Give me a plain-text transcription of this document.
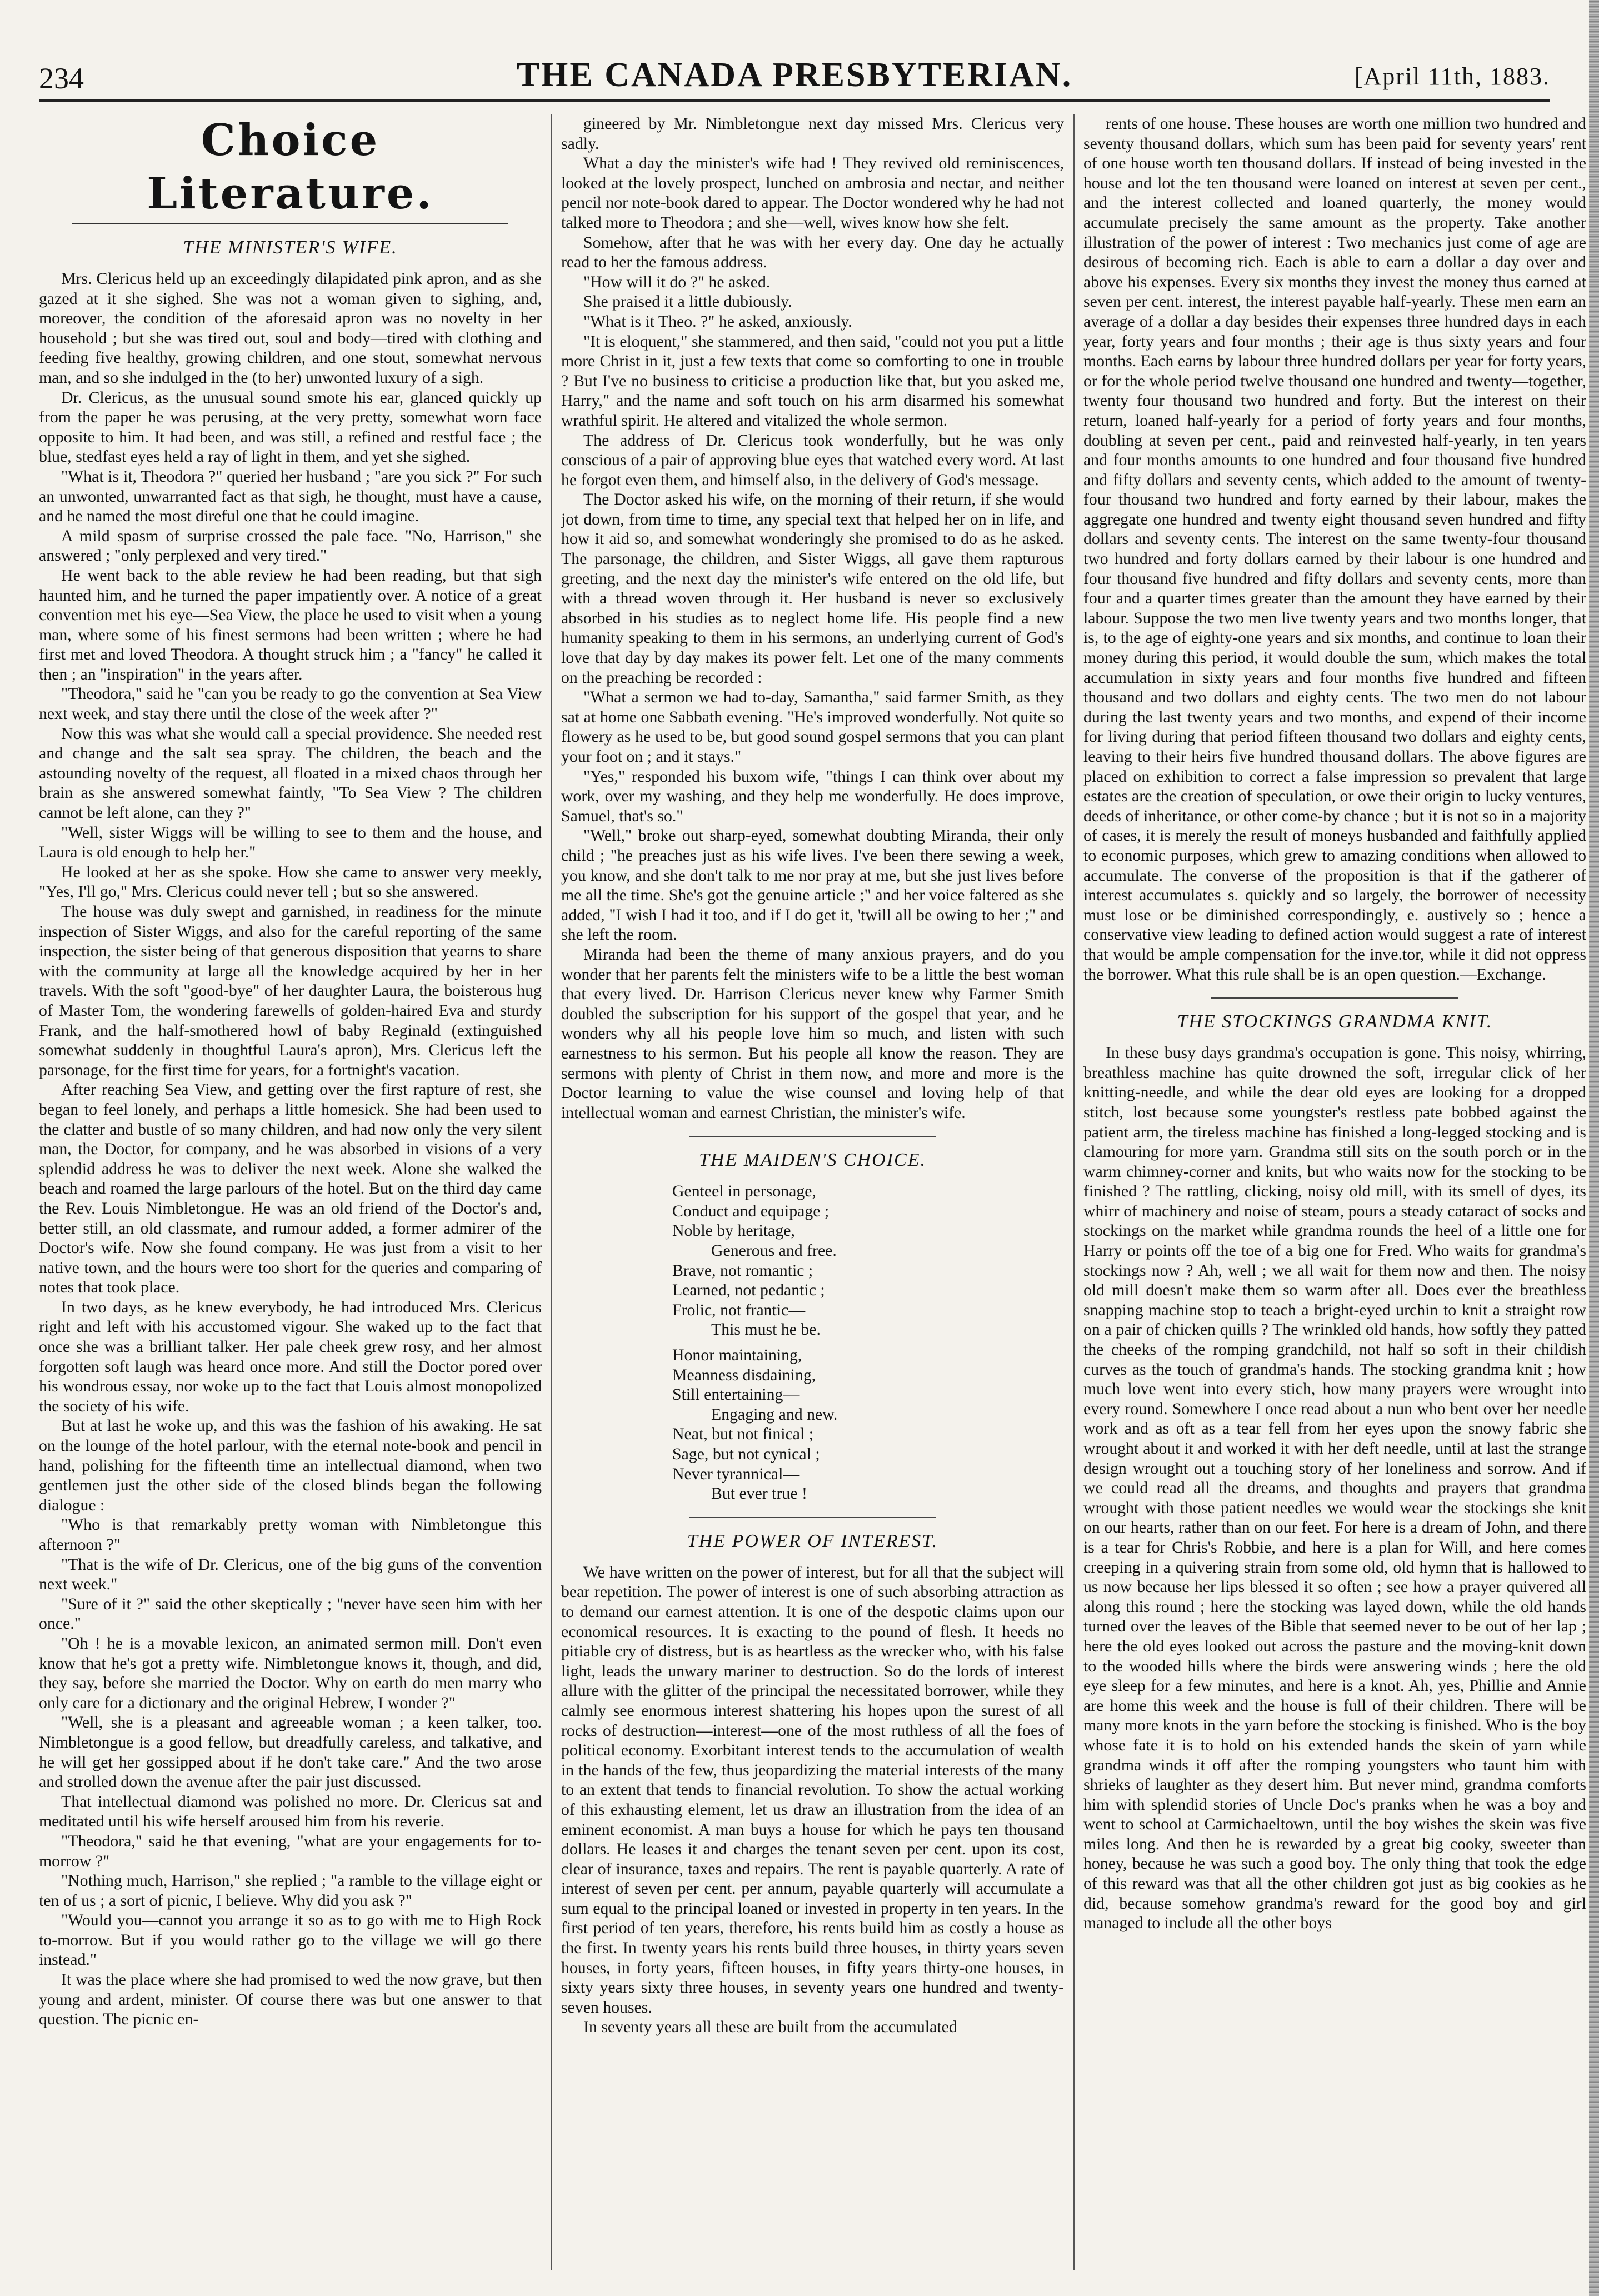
234	THE CANADA PRESBYTERIAN.	[April 11th, 1883.
Choice Literature.
THE MINISTER'S WIFE.

Mrs. Clericus held up an exceedingly dilapidated pink apron, and as she gazed at it she sighed. She was not a woman given to sighing, and, moreover, the condition of the aforesaid apron was no novelty in her household ; but she was tired out, soul and body—tired with clothing and feeding five healthy, growing children, and one stout, somewhat nervous man, and so she indulged in the (to her) unwonted luxury of a sigh.

Dr. Clericus, as the unusual sound smote his ear, glanced quickly up from the paper he was perusing, at the very pretty, somewhat worn face opposite to him. It had been, and was still, a refined and restful face ; the blue, stedfast eyes held a ray of light in them, and yet she sighed.

"What is it, Theodora ?" queried her husband ; "are you sick ?" For such an unwonted, unwarranted fact as that sigh, he thought, must have a cause, and he named the most direful one that he could imagine.

A mild spasm of surprise crossed the pale face. "No, Harrison," she answered ; "only perplexed and very tired."

He went back to the able review he had been reading, but that sigh haunted him, and he turned the paper impatiently over. A notice of a great convention met his eye—Sea View, the place he used to visit when a young man, where some of his finest sermons had been written ; where he had first met and loved Theodora. A thought struck him ; a "fancy" he called it then ; an "inspiration" in the years after.

"Theodora," said he "can you be ready to go the convention at Sea View next week, and stay there until the close of the week after ?"

Now this was what she would call a special providence. She needed rest and change and the salt sea spray. The children, the beach and the astounding novelty of the request, all floated in a mixed chaos through her brain as she answered somewhat faintly, "To Sea View ? The children cannot be left alone, can they ?"

"Well, sister Wiggs will be willing to see to them and the house, and Laura is old enough to help her."

He looked at her as she spoke. How she came to answer very meekly, "Yes, I'll go," Mrs. Clericus could never tell ; but so she answered.

The house was duly swept and garnished, in readiness for the minute inspection of Sister Wiggs, and also for the careful reporting of the same inspection, the sister being of that generous disposition that yearns to share with the community at large all the knowledge acquired by her in her travels. With the soft "good-bye" of her daughter Laura, the boisterous hug of Master Tom, the wondering farewells of golden-haired Eva and sturdy Frank, and the half-smothered howl of baby Reginald (extinguished somewhat suddenly in thoughtful Laura's apron), Mrs. Clericus left the parsonage, for the first time for years, for a fortnight's vacation.

After reaching Sea View, and getting over the first rapture of rest, she began to feel lonely, and perhaps a little homesick. She had been used to the clatter and bustle of so many children, and had now only the very silent man, the Doctor, for company, and he was absorbed in visions of a very splendid address he was to deliver the next week. Alone she walked the beach and roamed the large parlours of the hotel. But on the third day came the Rev. Louis Nimbletongue. He was an old friend of the Doctor's and, better still, an old classmate, and rumour added, a former admirer of the Doctor's wife. Now she found company. He was just from a visit to her native town, and the hours were too short for the queries and comparing of notes that took place.

In two days, as he knew everybody, he had introduced Mrs. Clericus right and left with his accustomed vigour. She waked up to the fact that once she was a brilliant talker. Her pale cheek grew rosy, and her almost forgotten soft laugh was heard once more. And still the Doctor pored over his wondrous essay, nor woke up to the fact that Louis almost monopolized the society of his wife.

But at last he woke up, and this was the fashion of his awaking. He sat on the lounge of the hotel parlour, with the eternal note-book and pencil in hand, polishing for the fifteenth time an intellectual diamond, when two gentlemen just the other side of the closed blinds began the following dialogue :

"Who is that remarkably pretty woman with Nimbletongue this afternoon ?"

"That is the wife of Dr. Clericus, one of the big guns of the convention next week."

"Sure of it ?" said the other skeptically ; "never have seen him with her once."

"Oh ! he is a movable lexicon, an animated sermon mill. Don't even know that he's got a pretty wife. Nimbletongue knows it, though, and did, they say, before she married the Doctor. Why on earth do men marry who only care for a dictionary and the original Hebrew, I wonder ?"

"Well, she is a pleasant and agreeable woman ; a keen talker, too. Nimbletongue is a good fellow, but dreadfully careless, and talkative, and he will get her gossipped about if he don't take care." And the two arose and strolled down the avenue after the pair just discussed.

That intellectual diamond was polished no more. Dr. Clericus sat and meditated until his wife herself aroused him from his reverie.

"Theodora," said he that evening, "what are your engagements for to-morrow ?"

"Nothing much, Harrison," she replied ; "a ramble to the village eight or ten of us ; a sort of picnic, I believe. Why did you ask ?"

"Would you—cannot you arrange it so as to go with me to High Rock to-morrow. But if you would rather go to the village we will go there instead."

It was the place where she had promised to wed the now grave, but then young and ardent, minister. Of course there was but one answer to that question. The picnic en-

gineered by Mr. Nimbletongue next day missed Mrs. Clericus very sadly.

What a day the minister's wife had ! They revived old reminiscences, looked at the lovely prospect, lunched on ambrosia and nectar, and neither pencil nor note-book dared to appear. The Doctor wondered why he had not talked more to Theodora ; and she—well, wives know how she felt.

Somehow, after that he was with her every day. One day he actually read to her the famous address.

"How will it do ?" he asked.

She praised it a little dubiously.

"What is it Theo. ?" he asked, anxiously.

"It is eloquent," she stammered, and then said, "could not you put a little more Christ in it, just a few texts that come so comforting to one in trouble ? But I've no business to criticise a production like that, but you asked me, Harry," and the name and soft touch on his arm disarmed his somewhat wrathful spirit. He altered and vitalized the whole sermon.

The address of Dr. Clericus took wonderfully, but he was only conscious of a pair of approving blue eyes that watched every word. At last he forgot even them, and himself also, in the delivery of God's message.

The Doctor asked his wife, on the morning of their return, if she would jot down, from time to time, any special text that helped her on in life, and how it aid so, and somewhat wonderingly she promised to do as he asked. The parsonage, the children, and Sister Wiggs, all gave them rapturous greeting, and the next day the minister's wife entered on the old life, but with a thread woven through it. Her husband is never so exclusively absorbed in his studies as to neglect home life. His people find a new humanity speaking to them in his sermons, an underlying current of God's love that day by day makes its power felt. Let one of the many comments on the preaching be recorded :

"What a sermon we had to-day, Samantha," said farmer Smith, as they sat at home one Sabbath evening. "He's improved wonderfully. Not quite so flowery as he used to be, but good sound gospel sermons that you can plant your foot on ; and it stays."

"Yes," responded his buxom wife, "things I can think over about my work, over my washing, and they help me wonderfully. He does improve, Samuel, that's so."

"Well," broke out sharp-eyed, somewhat doubting Miranda, their only child ; "he preaches just as his wife lives. I've been there sewing a week, you know, and she don't talk to me nor pray at me, but she just lives before me all the time. She's got the genuine article ;" and her voice faltered as she added, "I wish I had it too, and if I do get it, 'twill all be owing to her ;" and she left the room.

Miranda had been the theme of many anxious prayers, and do you wonder that her parents felt the ministers wife to be a little the best woman that every lived. Dr. Harrison Clericus never knew why Farmer Smith doubled the subscription for his support of the gospel that year, and he wonders why all his people love him so much, and listen with such earnestness to his sermon. But his people all know the reason. They are sermons with plenty of Christ in them now, and more and more is the Doctor learning to value the wise counsel and loving help of that intellectual woman and earnest Christian, the minister's wife.

THE MAIDEN'S CHOICE.
Genteel in personage,
Conduct and equipage ;
Noble by heritage,
Generous and free.
Brave, not romantic ;
Learned, not pedantic ;
Frolic, not frantic—
This must he be.
Honor maintaining,
Meanness disdaining,
Still entertaining—
Engaging and new.
Neat, but not finical ;
Sage, but not cynical ;
Never tyrannical—
But ever true !
THE POWER OF INTEREST.

We have written on the power of interest, but for all that the subject will bear repetition. The power of interest is one of such absorbing attraction as to demand our earnest attention. It is one of the despotic claims upon our economical resources. It is exacting to the pound of flesh. It heeds no pitiable cry of distress, but is as heartless as the wrecker who, with his false light, leads the unwary mariner to destruction. So do the lords of interest allure with the glitter of the principal the necessitated borrower, while they calmly see enormous interest shattering his hopes upon the surest of all rocks of destruction—interest—one of the most ruthless of all the foes of political economy. Exorbitant interest tends to the accumulation of wealth in the hands of the few, thus jeopardizing the material interests of the many to an extent that tends to financial revolution. To show the actual working of this exhausting element, let us draw an illustration from the idea of an eminent economist. A man buys a house for which he pays ten thousand dollars. He leases it and charges the tenant seven per cent. upon its cost, clear of insurance, taxes and repairs. The rent is payable quarterly. A rate of interest of seven per cent. per annum, payable quarterly will accumulate a sum equal to the principal loaned or invested in property in ten years. In the first period of ten years, therefore, his rents build him as costly a house as the first. In twenty years his rents build three houses, in thirty years seven houses, in forty years, fifteen houses, in fifty years thirty-one houses, in sixty years sixty three houses, in seventy years one hundred and twenty-seven houses.

In seventy years all these are built from the accumulated

rents of one house. These houses are worth one million two hundred and seventy thousand dollars, which sum has been paid for seventy years' rent of one house worth ten thousand dollars. If instead of being invested in the house and lot the ten thousand were loaned on interest at seven per cent., and the interest collected and loaned quarterly, the money would accumulate precisely the same amount as the property. Take another illustration of the power of interest : Two mechanics just come of age are desirous of becoming rich. Each is able to earn a dollar a day over and above his expenses. Every six months they invest the money thus earned at seven per cent. interest, the interest payable half-yearly. These men earn an average of a dollar a day besides their expenses three hundred days in each year, forty years and four months ; their age is thus sixty years and four months. Each earns by labour three hundred dollars per year for forty years, or for the whole period twelve thousand one hundred and twenty—together, twenty four thousand two hundred and forty. But the interest on their return, loaned half-yearly for a period of forty years and four months, doubling at seven per cent., paid and reinvested half-yearly, in ten years and four months amounts to one hundred and four thousand five hundred and fifty dollars and seventy cents, which added to the amount of twenty-four thousand two hundred and forty earned by their labour, makes the aggregate one hundred and twenty eight thousand seven hundred and fifty dollars and seventy cents. The interest on the same twenty-four thousand two hundred and forty dollars earned by their labour is one hundred and four thousand five hundred and fifty dollars and seventy cents, more than four and a quarter times greater than the amount they have earned by their labour. Suppose the two men live twenty years and two months longer, that is, to the age of eighty-one years and six months, and continue to loan their money during this period, it would double the sum, which makes the total accumulation in sixty years and four months five hundred and fifteen thousand and two dollars and eighty cents. The two men do not labour during the last twenty years and two months, and expend of their income for living during that period fifteen thousand two dollars and eighty cents, leaving to their heirs five hundred thousand dollars. The above figures are placed on exhibition to correct a false impression so prevalent that large estates are the creation of speculation, or owe their origin to lucky ventures, deeds of inheritance, or other come-by chance ; but it is not so in a majority of cases, it is merely the result of moneys husbanded and faithfully applied to economic purposes, which grew to amazing conditions when allowed to accumulate. The converse of the proposition is that if the gatherer of interest accumulates s. quickly and so largely, the borrower of necessity must lose or be diminished correspondingly, e. austively so ; hence a conservative view leading to defined action would suggest a rate of interest that would be ample compensation for the inve.tor, while it did not oppress the borrower. What this rule shall be is an open question.—Exchange.

THE STOCKINGS GRANDMA KNIT.

In these busy days grandma's occupation is gone. This noisy, whirring, breathless machine has quite drowned the soft, irregular click of her knitting-needle, and while the dear old eyes are looking for a dropped stitch, lost because some youngster's restless pate bobbed against the patient arm, the tireless machine has finished a long-legged stocking and is clamouring for more yarn. Grandma still sits on the south porch or in the warm chimney-corner and knits, but who waits now for the stocking to be finished ? The rattling, clicking, noisy old mill, with its smell of dyes, its whirr of machinery and noise of steam, pours a steady cataract of socks and stockings on the market while grandma rounds the heel of a little one for Harry or points off the toe of a big one for Fred. Who waits for grandma's stockings now ? Ah, well ; we all wait for them now and then. The noisy old mill doesn't make them so warm after all. Does ever the breathless snapping machine stop to teach a bright-eyed urchin to knit a straight row on a pair of chicken quills ? The wrinkled old hands, how softly they patted the cheeks of the romping grandchild, not half so soft in their childish curves as the touch of grandma's hands. The stocking grandma knit ; how much love went into every stich, how many prayers were wrought into every round. Somewhere I once read about a nun who bent over her needle work and as oft as a tear fell from her eyes upon the snowy fabric she wrought about it and worked it with her deft needle, until at last the strange design wrought out a touching story of her loneliness and sorrow. And if we could read all the dreams, and thoughts and prayers that grandma wrought with those patient needles we would wear the stockings she knit on our hearts, rather than on our feet. For here is a dream of John, and there is a tear for Chris's Robbie, and here is a plan for Will, and here comes creeping in a quivering strain from some old, old hymn that is hallowed to us now because her lips blessed it so often ; see how a prayer quivered all along this round ; here the stocking was layed down, while the old hands turned over the leaves of the Bible that seemed never to be out of her lap ; here the old eyes looked out across the pasture and the moving-knit down to the wooded hills where the birds were answering winds ; here the old eye sleep for a few minutes, and here is a knot. Ah, yes, Phillie and Annie are home this week and the house is full of their children. There will be many more knots in the yarn before the stocking is finished. Who is the boy whose fate it is to hold on his extended hands the skein of yarn while grandma winds it off after the romping youngsters who taunt him with shrieks of laughter as they desert him. But never mind, grandma comforts him with splendid stories of Uncle Doc's pranks when he was a boy and went to school at Carmichaeltown, until the boy wishes the skein was five miles long. And then he is rewarded by a great big cooky, sweeter than honey, because he was such a good boy. The only thing that took the edge of this reward was that all the other children got just as big cookies as he did, because somehow grandma's reward for the good boy and girl managed to include all the other boys
